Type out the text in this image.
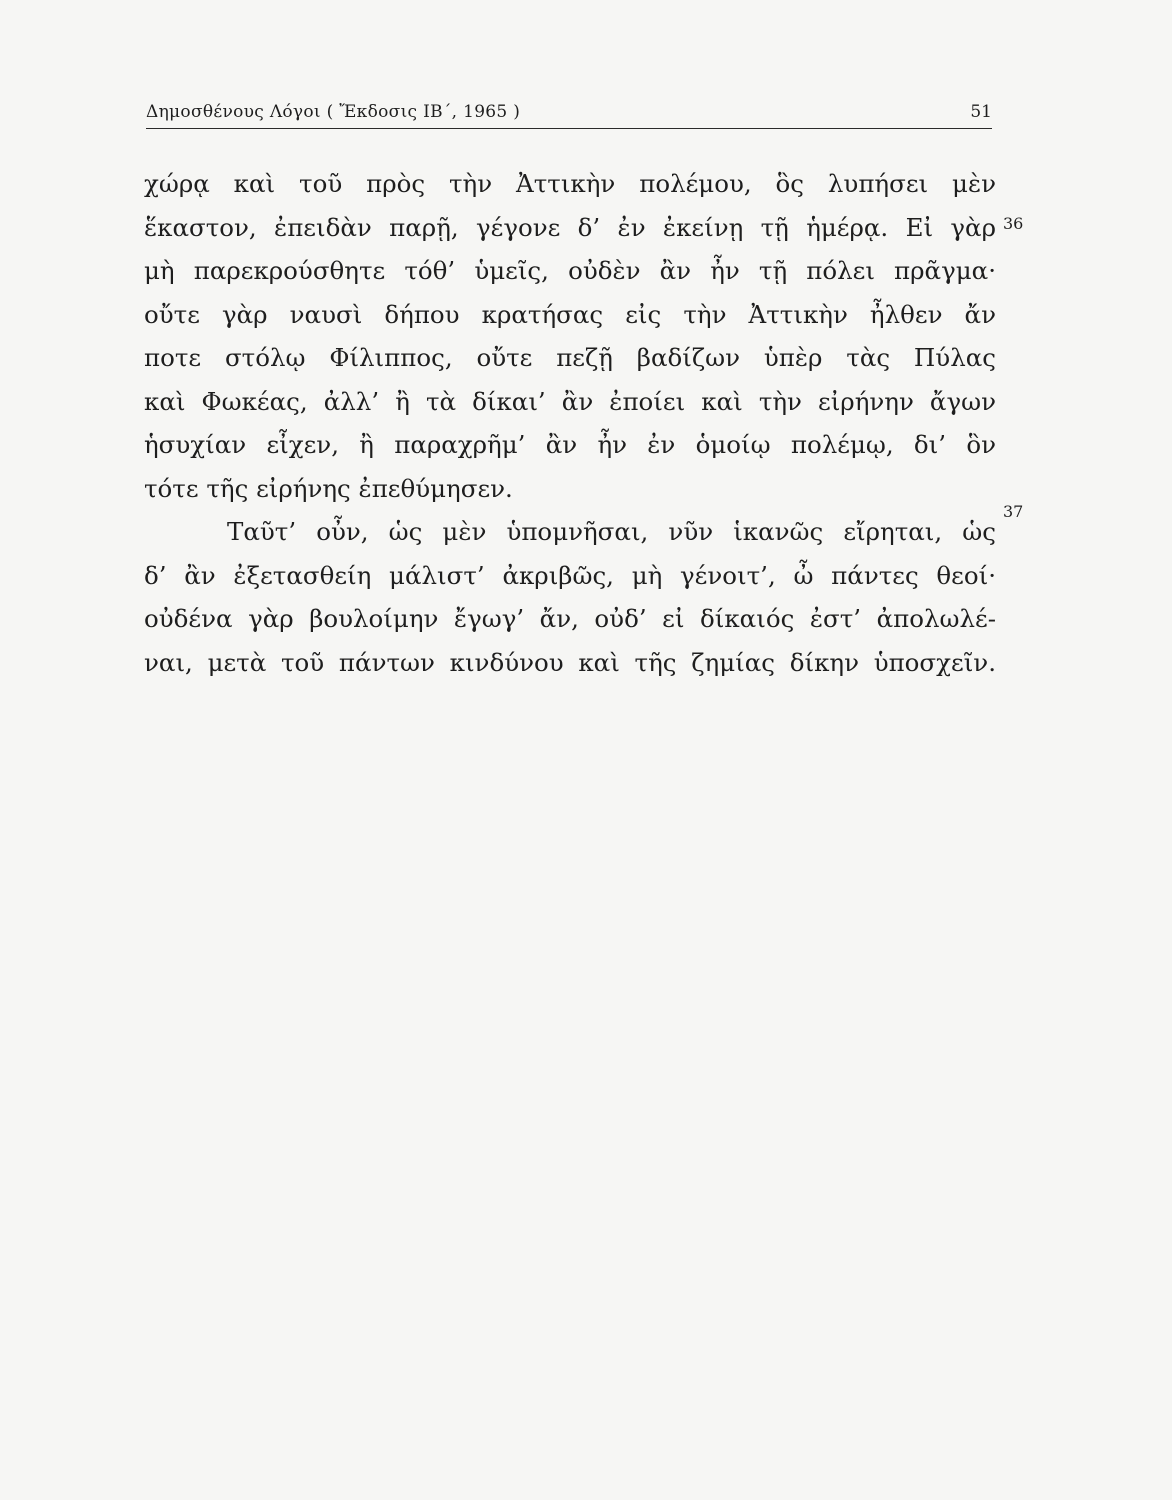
Δημοσθένους Λόγοι ( Ἔκδοσις ΙΒ΄, 1965 )	51
χώρᾳ καὶ τοῦ πρὸς τὴν Ἀττικὴν πολέμου, ὃς λυπήσει μὲν
ἕκαστον, ἐπειδὰν παρῇ, γέγονε δ’ ἐν ἐκείνῃ τῇ ἡμέρᾳ. Εἰ γὰρ
μὴ παρεκρούσθητε τόθ’ ὑμεῖς, οὐδὲν ἂν ἦν τῇ πόλει πρᾶγμα·
οὔτε γὰρ ναυσὶ δήπου κρατήσας εἰς τὴν Ἀττικὴν ἦλθεν ἄν
ποτε στόλῳ Φίλιππος, οὔτε πεζῇ βαδίζων ὑπὲρ τὰς Πύλας
καὶ Φωκέας, ἀλλ’ ἢ τὰ δίκαι’ ἂν ἐποίει καὶ τὴν εἰρήνην ἄγων
ἡσυχίαν εἶχεν, ἢ παραχρῆμ’ ἂν ἦν ἐν ὁμοίῳ πολέμῳ, δι’ ὃν
τότε τῆς εἰρήνης ἐπεθύμησεν.
Ταῦτ’ οὖν, ὡς μὲν ὑπομνῆσαι, νῦν ἱκανῶς εἴρηται, ὡς
δ’ ἂν ἐξετασθείη μάλιστ’ ἀκριβῶς, μὴ γένοιτ’, ὦ πάντες θεοί·
οὐδένα γὰρ βουλοίμην ἔγωγ’ ἄν, οὐδ’ εἰ δίκαιός ἐστ’ ἀπολωλέ-
ναι, μετὰ τοῦ πάντων κινδύνου καὶ τῆς ζημίας δίκην ὑποσχεῖν.
36
37
